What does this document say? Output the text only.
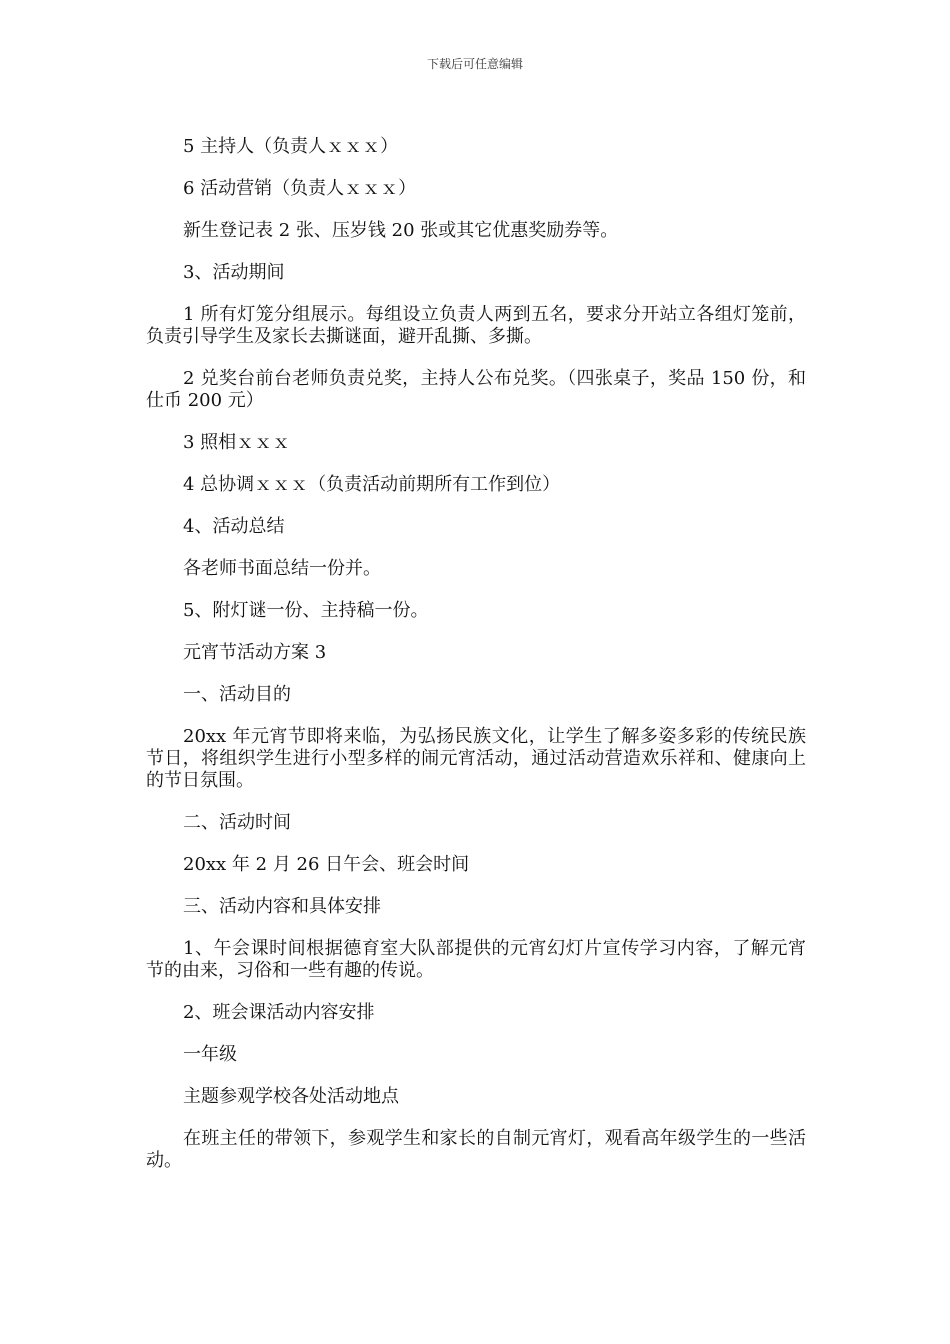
下载后可任意编辑

5 主持人（负责人ｘｘｘ）

6 活动营销（负责人ｘｘｘ）

新生登记表 2 张、压岁钱 20 张或其它优惠奖励券等。

3、活动期间

1 所有灯笼分组展示。每组设立负责人两到五名，要求分开站立各组灯笼前，负责引导学生及家长去撕谜面，避开乱撕、多撕。

2 兑奖台前台老师负责兑奖，主持人公布兑奖。（四张桌子，奖品 150 份，和仕币 200 元）

3 照相ｘｘｘ

4 总协调ｘｘｘ（负责活动前期所有工作到位）

4、活动总结

各老师书面总结一份并。

5、附灯谜一份、主持稿一份。

元宵节活动方案 3

一、活动目的

20xx 年元宵节即将来临，为弘扬民族文化，让学生了解多姿多彩的传统民族节日，将组织学生进行小型多样的闹元宵活动，通过活动营造欢乐祥和、健康向上的节日氛围。

二、活动时间

20xx 年 2 月 26 日午会、班会时间

三、活动内容和具体安排

1、午会课时间根据德育室大队部提供的元宵幻灯片宣传学习内容，了解元宵节的由来，习俗和一些有趣的传说。

2、班会课活动内容安排

一年级

主题参观学校各处活动地点

在班主任的带领下，参观学生和家长的自制元宵灯，观看高年级学生的一些活动。
